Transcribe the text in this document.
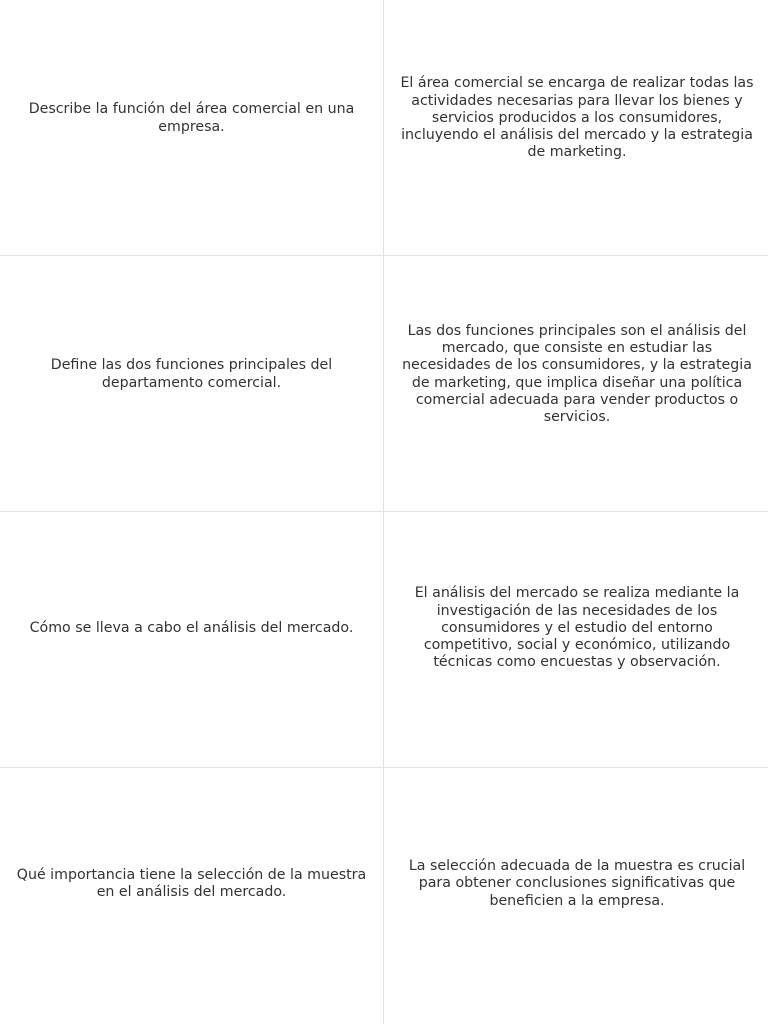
Describe la función del área comercial en una empresa.
El área comercial se encarga de realizar todas las actividades necesarias para llevar los bienes y servicios producidos a los consumidores, incluyendo el análisis del mercado y la estrategia de marketing.
Define las dos funciones principales del departamento comercial.
Las dos funciones principales son el análisis del mercado, que consiste en estudiar las necesidades de los consumidores, y la estrategia de marketing, que implica diseñar una política comercial adecuada para vender productos o servicios.
Cómo se lleva a cabo el análisis del mercado.
El análisis del mercado se realiza mediante la investigación de las necesidades de los consumidores y el estudio del entorno competitivo, social y económico, utilizando técnicas como encuestas y observación.
Qué importancia tiene la selección de la muestra en el análisis del mercado.
La selección adecuada de la muestra es crucial para obtener conclusiones significativas que beneficien a la empresa.
